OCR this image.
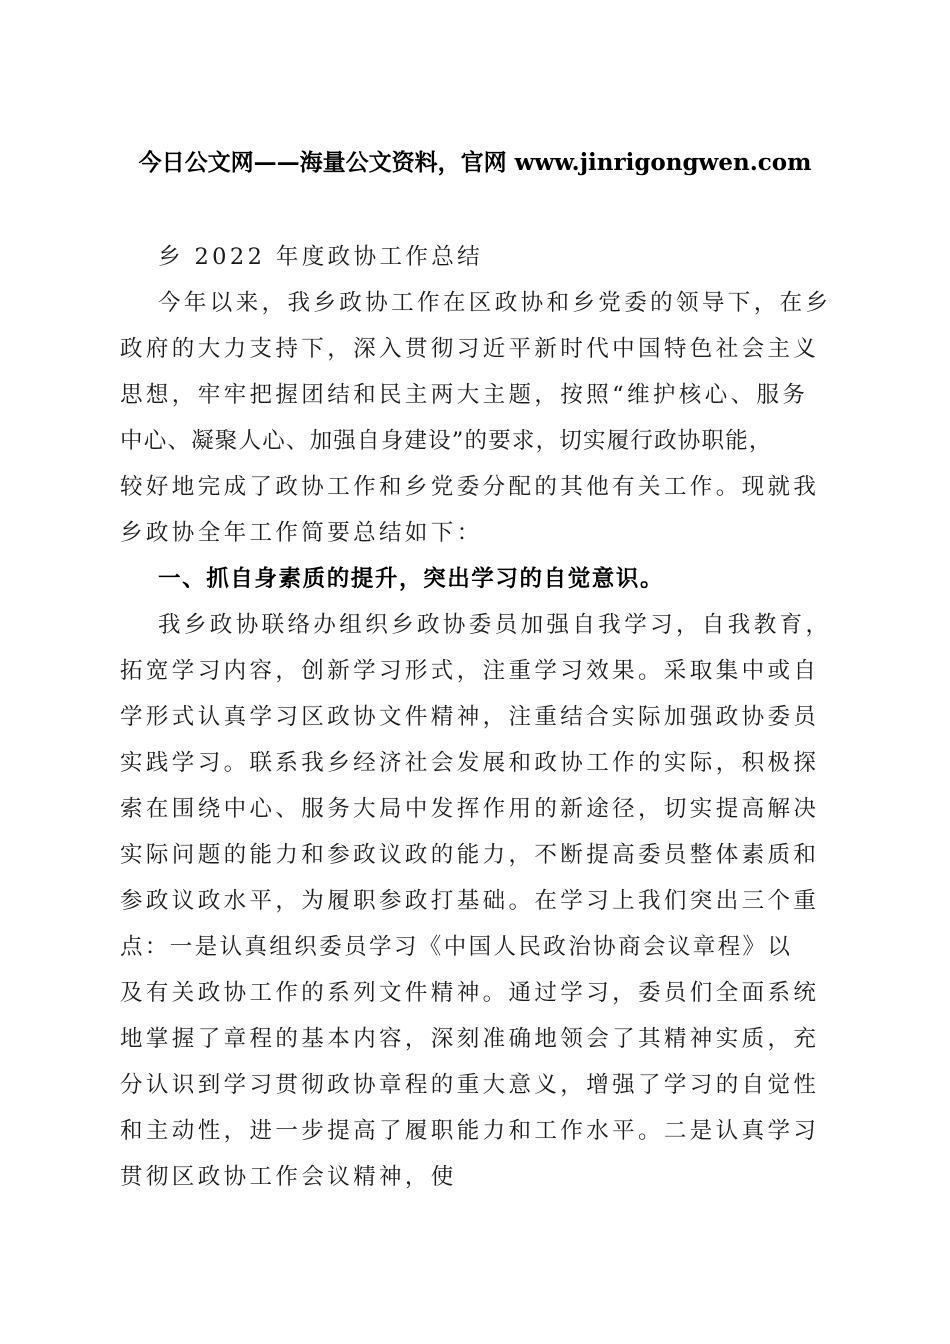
今日公文网——海量公文资料，官网 www.jinrigongwen.com
乡 2022 年度政协工作总结
今年以来，我乡政协工作在区政协和乡党委的领导下，在乡
政府的大力支持下，深入贯彻习近平新时代中国特色社会主义
思想，牢牢把握团结和民主两大主题，按照“维护核心、服务
中心、凝聚人心、加强自身建设”的要求，切实履行政协职能，
较好地完成了政协工作和乡党委分配的其他有关工作。现就我
乡政协全年工作简要总结如下：
一、抓自身素质的提升，突出学习的自觉意识。
我乡政协联络办组织乡政协委员加强自我学习，自我教育，
拓宽学习内容，创新学习形式，注重学习效果。采取集中或自
学形式认真学习区政协文件精神，注重结合实际加强政协委员
实践学习。联系我乡经济社会发展和政协工作的实际，积极探
索在围绕中心、服务大局中发挥作用的新途径，切实提高解决
实际问题的能力和参政议政的能力，不断提高委员整体素质和
参政议政水平，为履职参政打基础。在学习上我们突出三个重
点：一是认真组织委员学习《中国人民政治协商会议章程》以
及有关政协工作的系列文件精神。通过学习，委员们全面系统
地掌握了章程的基本内容，深刻准确地领会了其精神实质，充
分认识到学习贯彻政协章程的重大意义，增强了学习的自觉性
和主动性，进一步提高了履职能力和工作水平。二是认真学习
贯彻区政协工作会议精神，使
